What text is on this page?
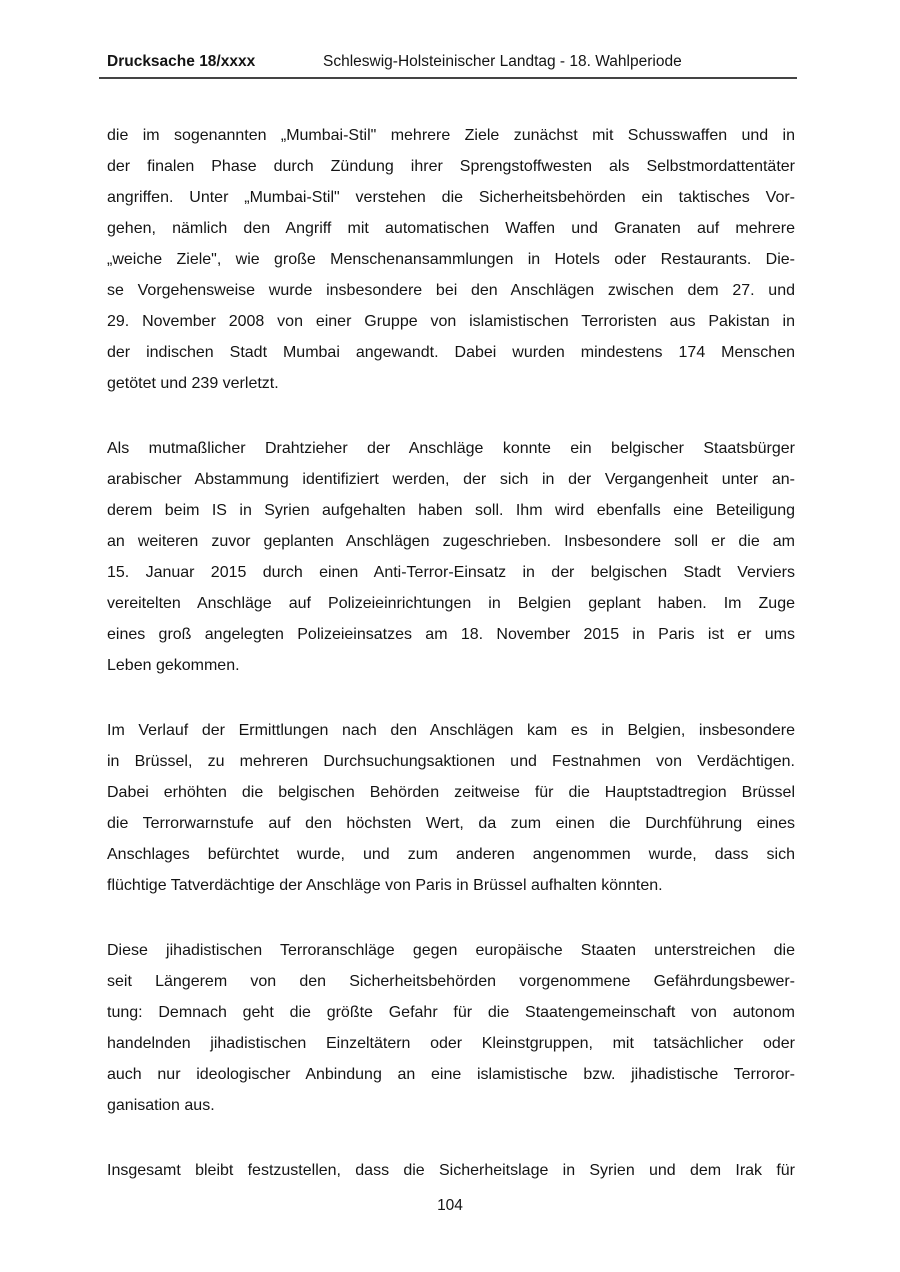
Drucksache 18/xxxx	Schleswig-Holsteinischer Landtag - 18. Wahlperiode
die im sogenannten „Mumbai-Stil" mehrere Ziele zunächst mit Schusswaffen und in
der finalen Phase durch Zündung ihrer Sprengstoffwesten als Selbstmordattentäter
angriffen. Unter „Mumbai-Stil" verstehen die Sicherheitsbehörden ein taktisches Vor-
gehen, nämlich den Angriff mit automatischen Waffen und Granaten auf mehrere
„weiche Ziele", wie große Menschenansammlungen in Hotels oder Restaurants. Die-
se Vorgehensweise wurde insbesondere bei den Anschlägen zwischen dem 27. und
29. November 2008 von einer Gruppe von islamistischen Terroristen aus Pakistan in
der indischen Stadt Mumbai angewandt. Dabei wurden mindestens 174 Menschen
getötet und 239 verletzt.
Als mutmaßlicher Drahtzieher der Anschläge konnte ein belgischer Staatsbürger
arabischer Abstammung identifiziert werden, der sich in der Vergangenheit unter an-
derem beim IS in Syrien aufgehalten haben soll. Ihm wird ebenfalls eine Beteiligung
an weiteren zuvor geplanten Anschlägen zugeschrieben. Insbesondere soll er die am
15. Januar 2015 durch einen Anti-Terror-Einsatz in der belgischen Stadt Verviers
vereitelten Anschläge auf Polizeieinrichtungen in Belgien geplant haben. Im Zuge
eines groß angelegten Polizeieinsatzes am 18. November 2015 in Paris ist er ums
Leben gekommen.
Im Verlauf der Ermittlungen nach den Anschlägen kam es in Belgien, insbesondere
in Brüssel, zu mehreren Durchsuchungsaktionen und Festnahmen von Verdächtigen.
Dabei erhöhten die belgischen Behörden zeitweise für die Hauptstadtregion Brüssel
die Terrorwarnstufe auf den höchsten Wert, da zum einen die Durchführung eines
Anschlages befürchtet wurde, und zum anderen angenommen wurde, dass sich
flüchtige Tatverdächtige der Anschläge von Paris in Brüssel aufhalten könnten.
Diese jihadistischen Terroranschläge gegen europäische Staaten unterstreichen die
seit Längerem von den Sicherheitsbehörden vorgenommene Gefährdungsbewer-
tung: Demnach geht die größte Gefahr für die Staatengemeinschaft von autonom
handelnden jihadistischen Einzeltätern oder Kleinstgruppen, mit tatsächlicher oder
auch nur ideologischer Anbindung an eine islamistische bzw. jihadistische Terroror-
ganisation aus.
Insgesamt bleibt festzustellen, dass die Sicherheitslage in Syrien und dem Irak für
104
